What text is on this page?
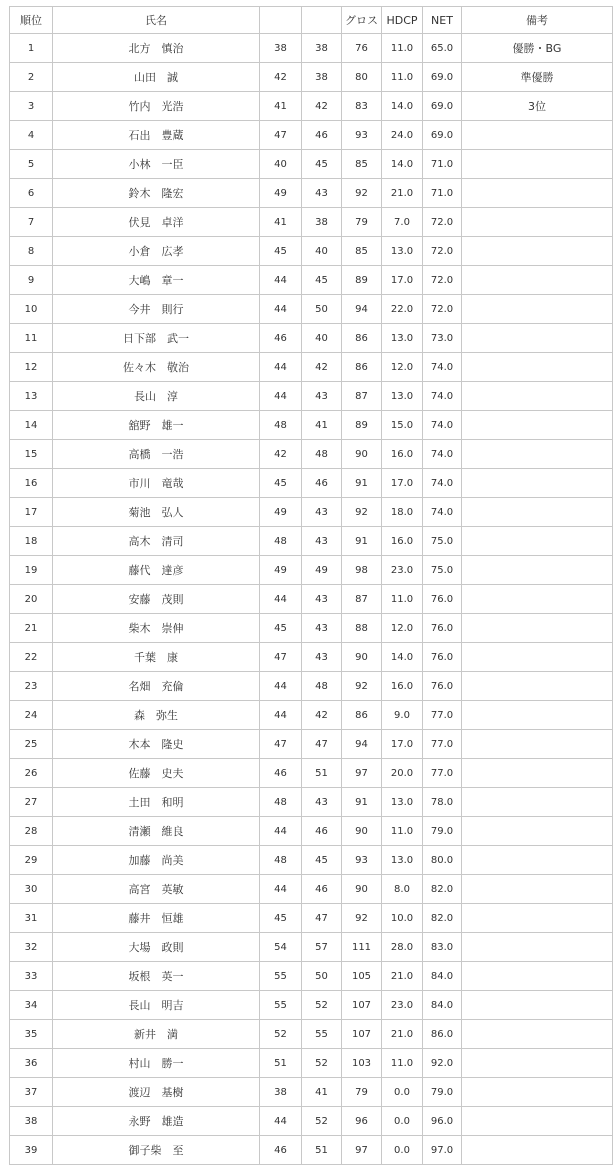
順位	氏名			グロス	HDCP	NET	備考
1	北方　慎治	38	38	76	11.0	65.0	優勝・BG
2	山田　誠	42	38	80	11.0	69.0	準優勝
3	竹内　光浩	41	42	83	14.0	69.0	3位
4	石出　豊蔵	47	46	93	24.0	69.0	
5	小林　一臣	40	45	85	14.0	71.0	
6	鈴木　隆宏	49	43	92	21.0	71.0	
7	伏見　卓洋	41	38	79	7.0	72.0	
8	小倉　広孝	45	40	85	13.0	72.0	
9	大嶋　章一	44	45	89	17.0	72.0	
10	今井　則行	44	50	94	22.0	72.0	
11	日下部　武一	46	40	86	13.0	73.0	
12	佐々木　敬治	44	42	86	12.0	74.0	
13	長山　淳	44	43	87	13.0	74.0	
14	舘野　雄一	48	41	89	15.0	74.0	
15	高橋　一浩	42	48	90	16.0	74.0	
16	市川　竜哉	45	46	91	17.0	74.0	
17	菊池　弘人	49	43	92	18.0	74.0	
18	高木　清司	48	43	91	16.0	75.0	
19	藤代　達彦	49	49	98	23.0	75.0	
20	安藤　茂則	44	43	87	11.0	76.0	
21	柴木　崇伸	45	43	88	12.0	76.0	
22	千葉　康	47	43	90	14.0	76.0	
23	名畑　充倫	44	48	92	16.0	76.0	
24	森　弥生	44	42	86	9.0	77.0	
25	木本　隆史	47	47	94	17.0	77.0	
26	佐藤　史夫	46	51	97	20.0	77.0	
27	土田　和明	48	43	91	13.0	78.0	
28	清瀬　維良	44	46	90	11.0	79.0	
29	加藤　尚美	48	45	93	13.0	80.0	
30	高宮　英敏	44	46	90	8.0	82.0	
31	藤井　恒雄	45	47	92	10.0	82.0	
32	大場　政則	54	57	111	28.0	83.0	
33	坂根　英一	55	50	105	21.0	84.0	
34	長山　明吉	55	52	107	23.0	84.0	
35	新井　満	52	55	107	21.0	86.0	
36	村山　勝一	51	52	103	11.0	92.0	
37	渡辺　基樹	38	41	79	0.0	79.0	
38	永野　雄造	44	52	96	0.0	96.0	
39	御子柴　至	46	51	97	0.0	97.0	
